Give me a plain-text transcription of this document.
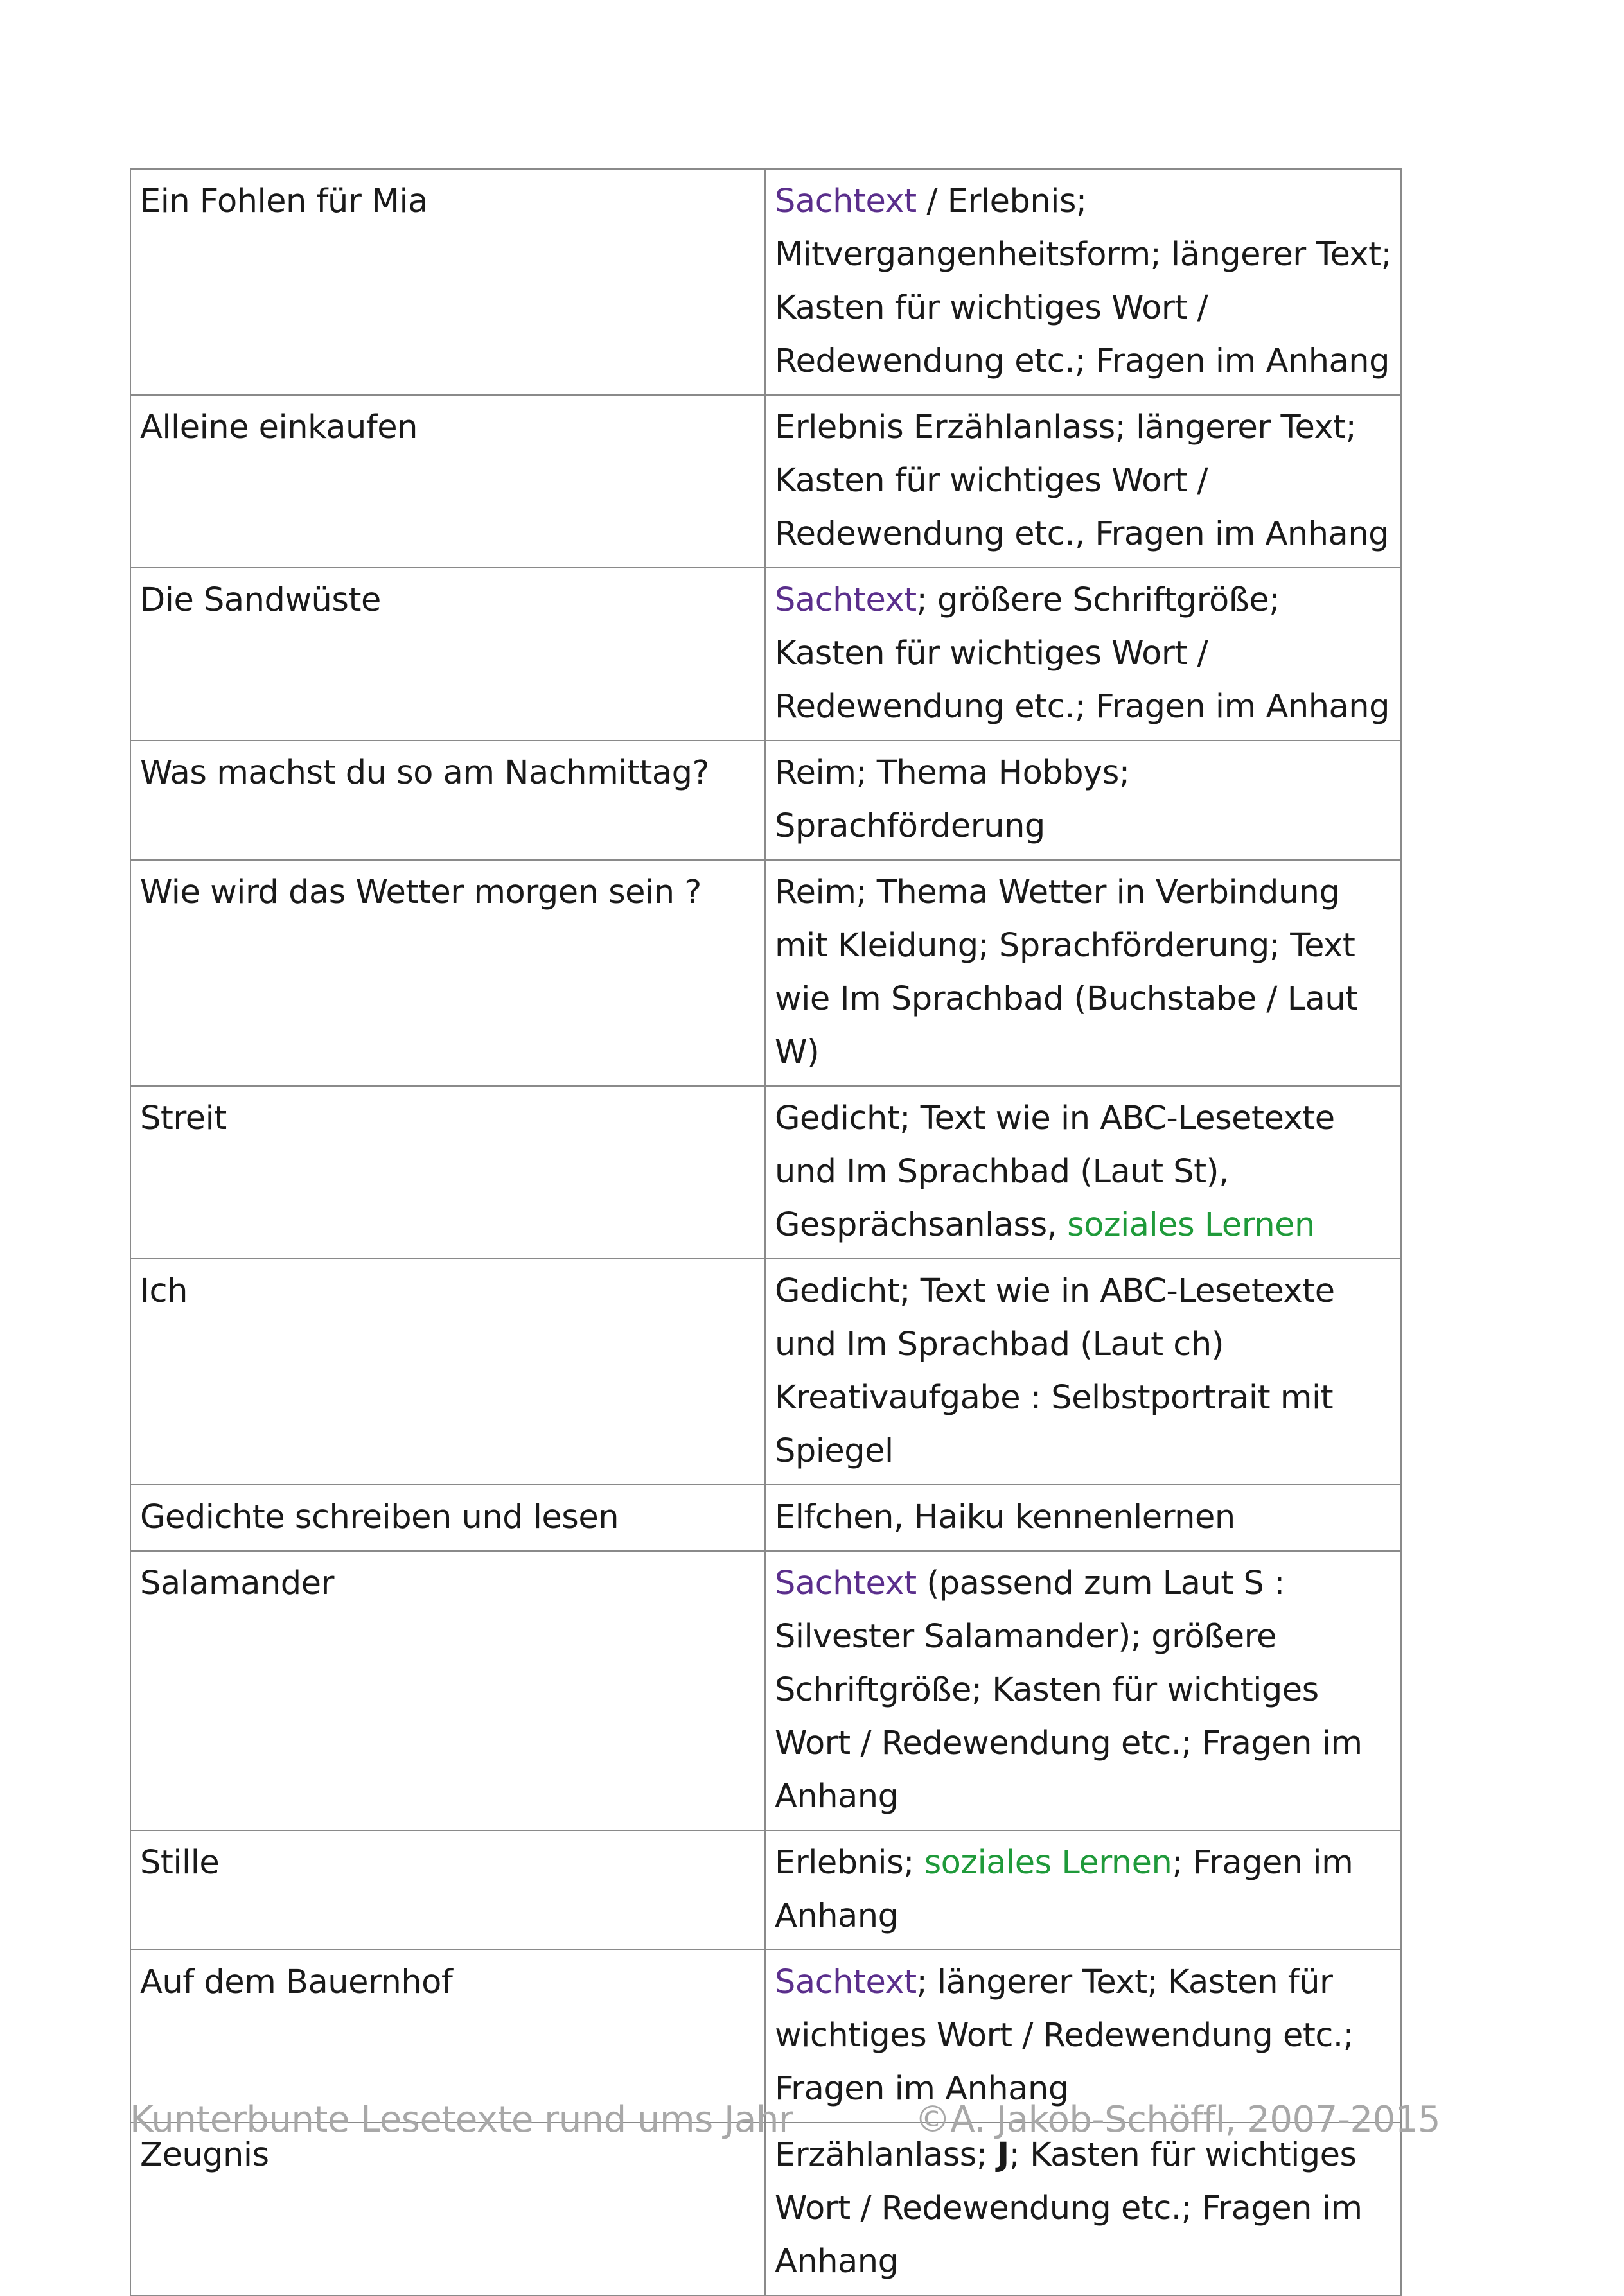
Ein Fohlen für Mia	Sachtext / Erlebnis; Mitvergangenheitsform; längerer Text; Kasten für wichtiges Wort / Redewendung etc.; Fragen im Anhang
Alleine einkaufen	Erlebnis Erzählanlass; längerer Text; Kasten für wichtiges Wort / Redewendung etc., Fragen im Anhang
Die Sandwüste	Sachtext; größere Schriftgröße; Kasten für wichtiges Wort / Redewendung etc.; Fragen im Anhang
Was machst du so am Nachmittag?	Reim; Thema Hobbys; Sprachförderung
Wie wird das Wetter morgen sein ?	Reim; Thema Wetter in Verbindung mit Kleidung; Sprachförderung; Text wie Im Sprachbad (Buchstabe / Laut W)
Streit	Gedicht; Text wie in ABC-Lesetexte und Im Sprachbad (Laut St), Gesprächsanlass, soziales Lernen
Ich	Gedicht; Text wie in ABC-Lesetexte und Im Sprachbad (Laut ch) Kreativaufgabe : Selbstportrait mit Spiegel
Gedichte schreiben und lesen	Elfchen, Haiku kennenlernen
Salamander	Sachtext (passend zum Laut S : Silvester Salamander); größere Schriftgröße; Kasten für wichtiges Wort / Redewendung etc.; Fragen im Anhang
Stille	Erlebnis; soziales Lernen; Fragen im Anhang
Auf dem Bauernhof	Sachtext; längerer Text; Kasten für wichtiges Wort / Redewendung etc.; Fragen im Anhang
Zeugnis	Erzählanlass; J; Kasten für wichtiges Wort / Redewendung etc.; Fragen im Anhang
Kunterbunte Lesetexte rund ums Jahr	©A. Jakob-Schöffl, 2007-2015
